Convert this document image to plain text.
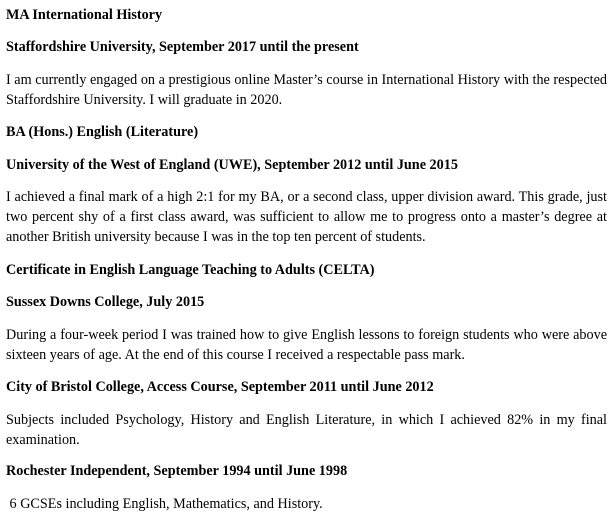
MA International History
Staffordshire University, September 2017 until the present
I am currently engaged on a prestigious online Master’s course in International History with the respected Staffordshire University. I will graduate in 2020.
BA (Hons.) English (Literature)
University of the West of England (UWE), September 2012 until June 2015
I achieved a final mark of a high 2:1 for my BA, or a second class, upper division award. This grade, just two percent shy of a first class award, was sufficient to allow me to progress onto a master’s degree at another British university because I was in the top ten percent of students.
Certificate in English Language Teaching to Adults (CELTA)
Sussex Downs College, July 2015
During a four-week period I was trained how to give English lessons to foreign students who were above sixteen years of age. At the end of this course I received a respectable pass mark.
City of Bristol College, Access Course, September 2011 until June 2012
Subjects included Psychology, History and English Literature, in which I achieved 82% in my final examination.
Rochester Independent, September 1994 until June 1998
6 GCSEs including English, Mathematics, and History.
